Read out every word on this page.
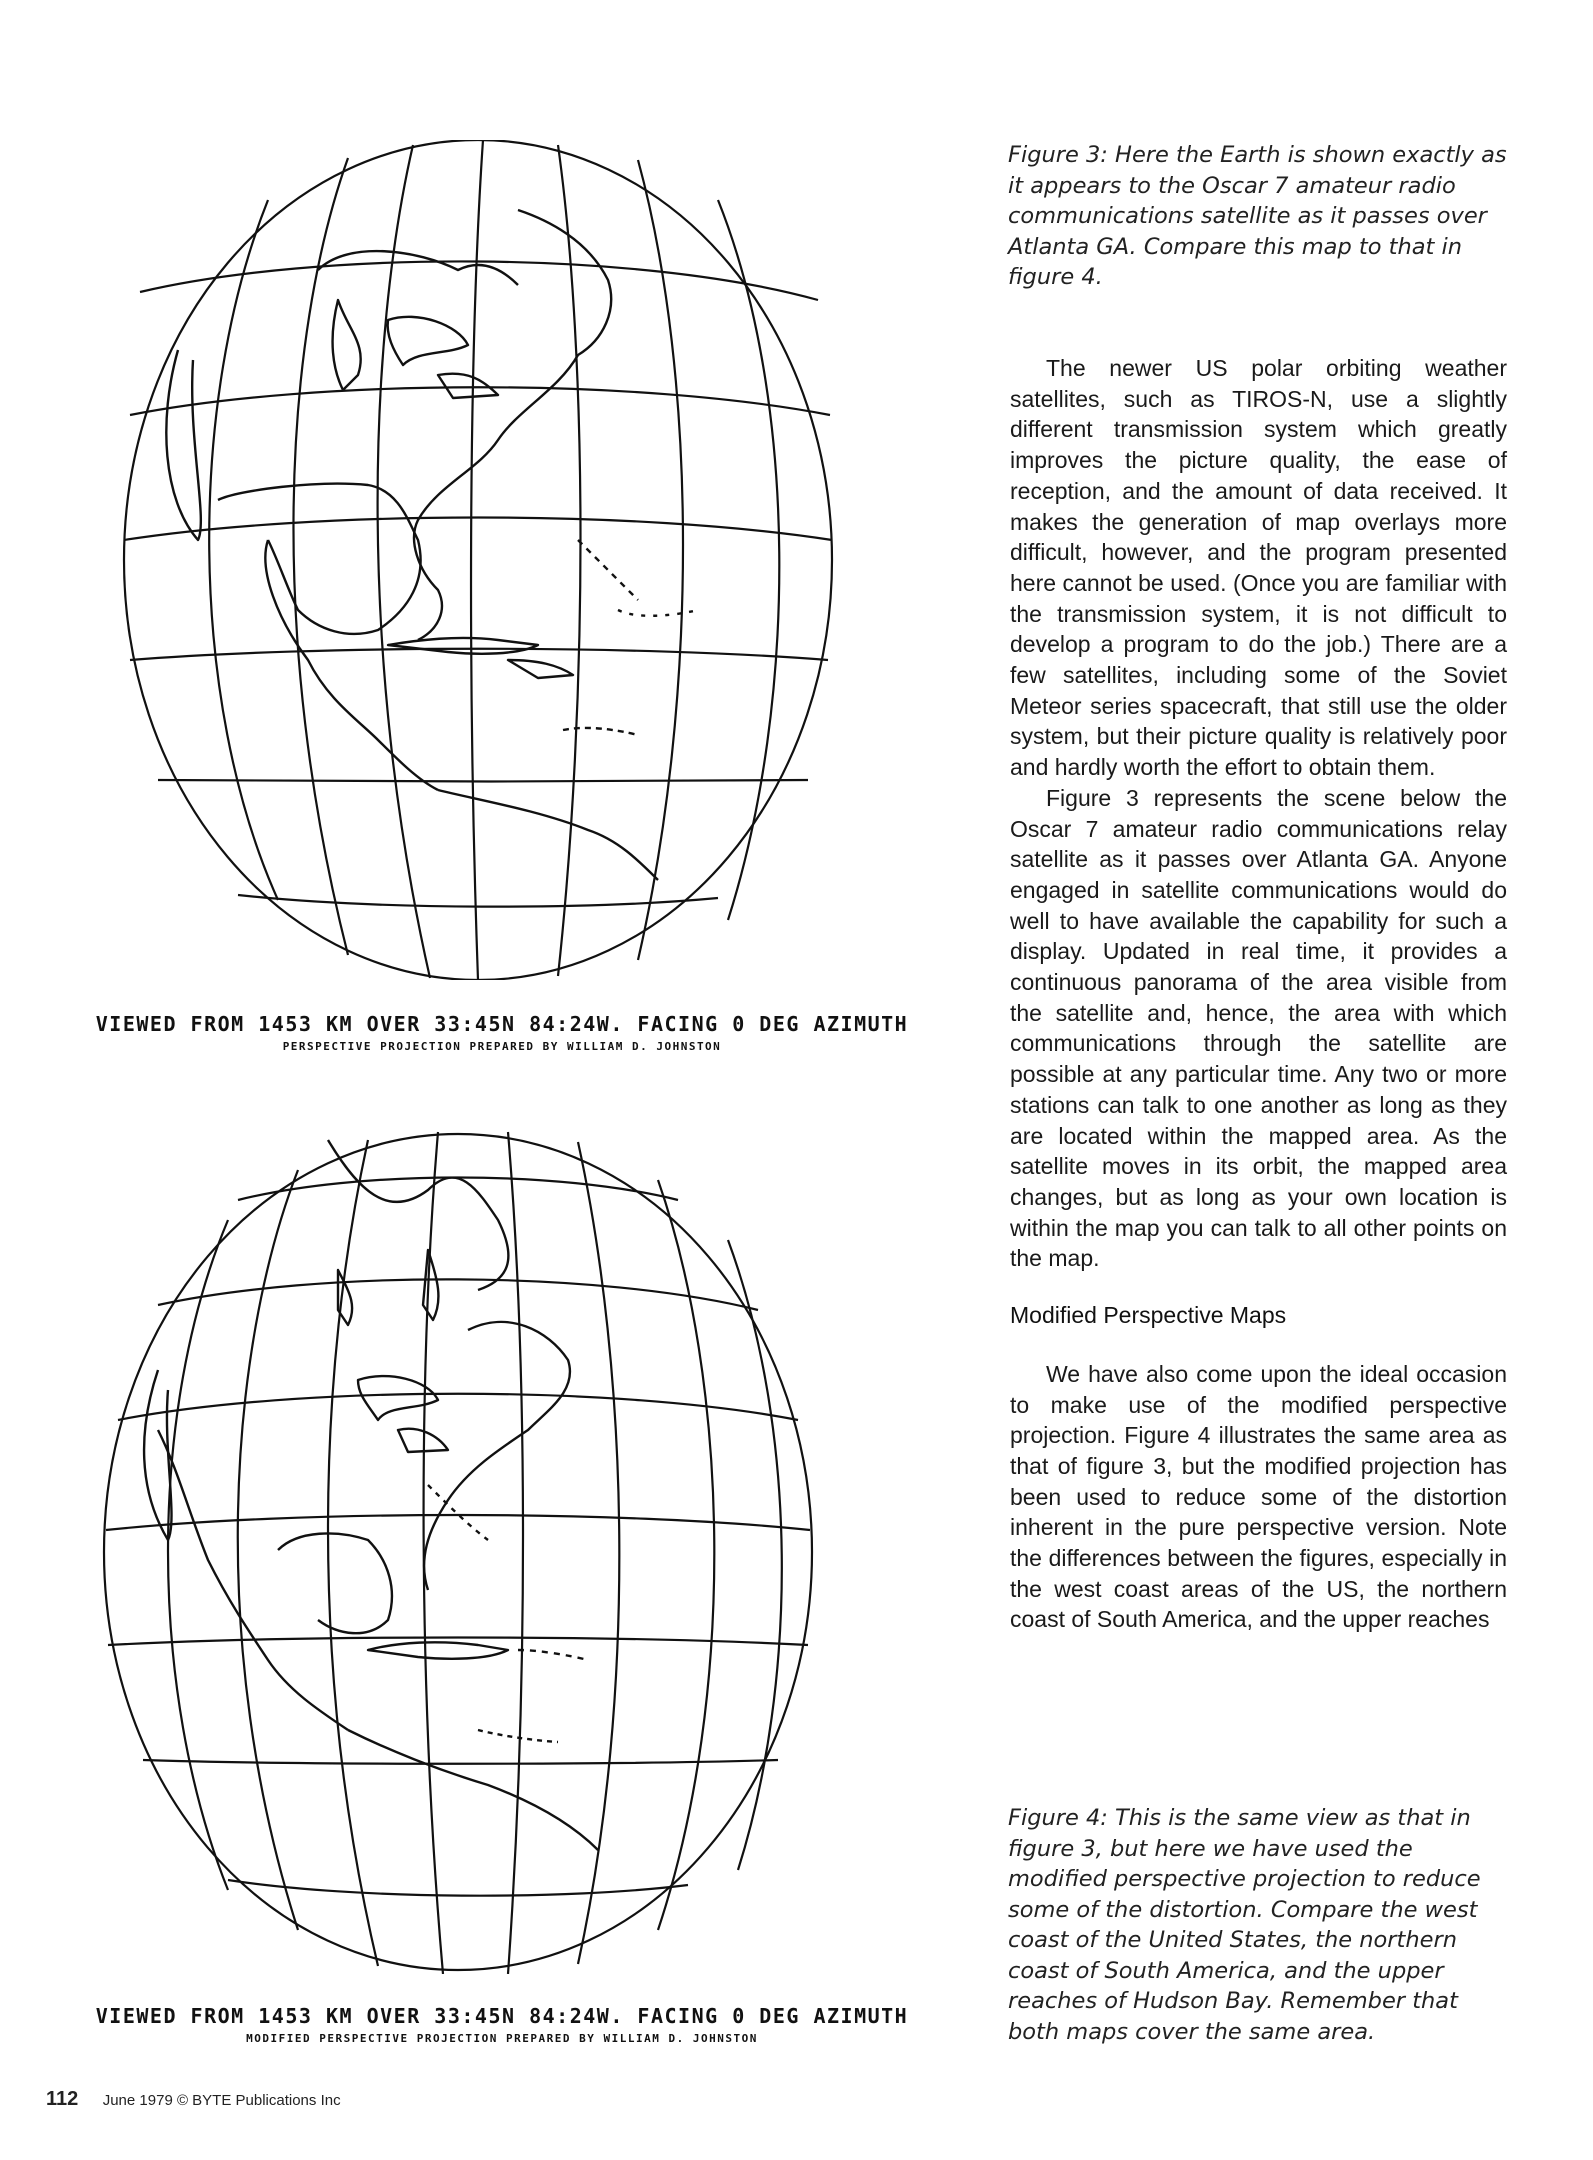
VIEWED FROM 1453 KM OVER 33:45N 84:24W. FACING 0 DEG AZIMUTH
PERSPECTIVE PROJECTION PREPARED BY WILLIAM D. JOHNSTON
VIEWED FROM 1453 KM OVER 33:45N 84:24W. FACING 0 DEG AZIMUTH
MODIFIED PERSPECTIVE PROJECTION PREPARED BY WILLIAM D. JOHNSTON
Figure 3: Here the Earth is shown exactly as it appears to the Oscar 7 amateur radio communications satellite as it passes over Atlanta GA. Compare this map to that in figure 4.

The newer US polar orbiting weather satellites, such as TIROS-N, use a slightly different transmission system which greatly improves the picture quality, the ease of reception, and the amount of data received. It makes the generation of map overlays more difficult, however, and the program presented here cannot be used. (Once you are familiar with the transmission system, it is not difficult to develop a program to do the job.) There are a few satellites, including some of the Soviet Meteor series spacecraft, that still use the older system, but their picture quality is relatively poor and hardly worth the effort to obtain them.

Figure 3 represents the scene below the Oscar 7 amateur radio communications relay satellite as it passes over Atlanta GA. Anyone engaged in satellite communications would do well to have available the capability for such a display. Updated in real time, it provides a continuous panorama of the area visible from the satellite and, hence, the area with which communications through the satellite are possible at any particular time. Any two or more stations can talk to one another as long as they are located within the mapped area. As the satellite moves in its orbit, the mapped area changes, but as long as your own location is within the map you can talk to all other points on the map.

Modified Perspective Maps

We have also come upon the ideal occasion to make use of the modified perspective projection. Figure 4 illustrates the same area as that of figure 3, but the modified projection has been used to reduce some of the distortion inherent in the pure perspective version. Note the differences between the figures, especially in the west coast areas of the US, the northern coast of South America, and the upper reaches

Figure 4: This is the same view as that in figure 3, but here we have used the modified perspective projection to reduce some of the distortion. Compare the west coast of the United States, the northern coast of South America, and the upper reaches of Hudson Bay. Remember that both maps cover the same area.
112 June 1979 © BYTE Publications Inc
